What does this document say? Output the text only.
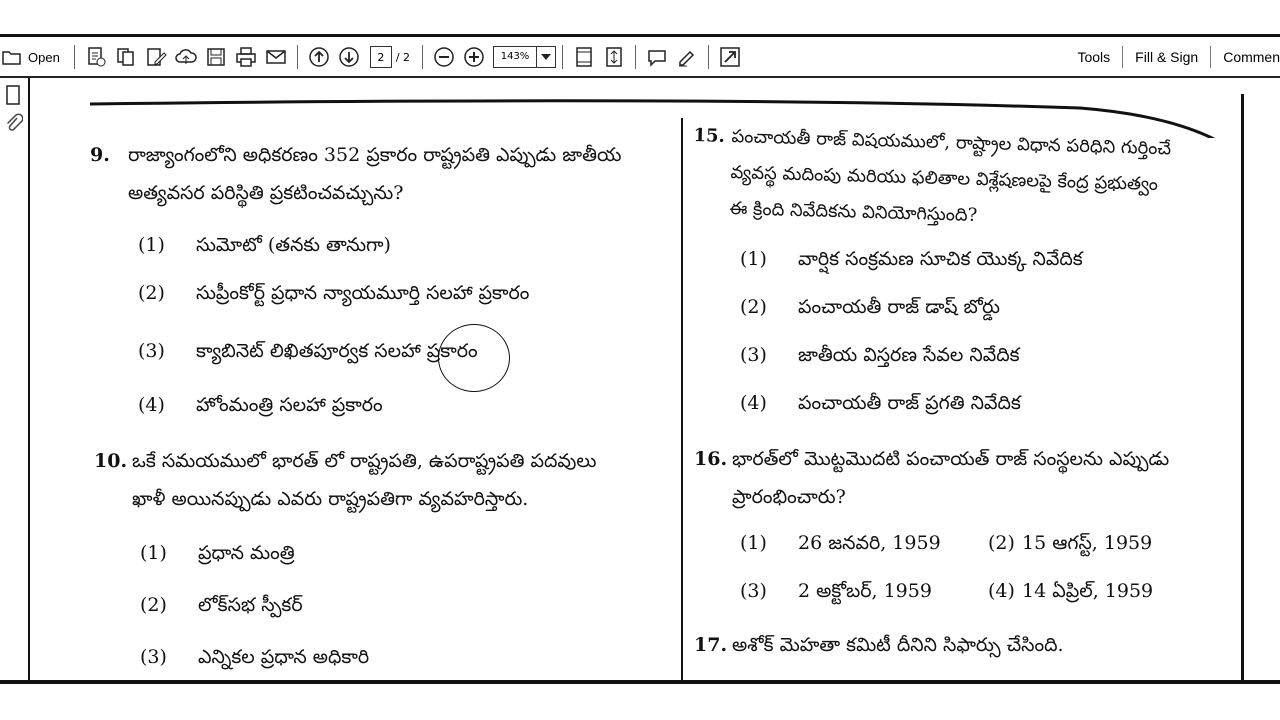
Open	2	/ 2	143%	Tools	Fill & Sign	Commen
9. రాజ్యాంగంలోని అధికరణం 352 ప్రకారం రాష్ట్రపతి ఎప్పుడు జాతీయ
అత్యవసర పరిస్థితి ప్రకటించవచ్చును?
(1) సుమోటో (తనకు తానుగా)
(2) సుప్రీంకోర్ట్ ప్రధాన న్యాయమూర్తి సలహా ప్రకారం
(3) క్యాబినెట్ లిఖితపూర్వక సలహా ప్రకారం
(4) హోంమంత్రి సలహా ప్రకారం
10. ఒకే సమయములో భారత్ లో రాష్ట్రపతి, ఉపరాష్ట్రపతి పదవులు
ఖాళీ అయినప్పుడు ఎవరు రాష్ట్రపతిగా వ్యవహరిస్తారు.
(1) ప్రధాన మంత్రి
(2) లోక్‌సభ స్పీకర్
(3) ఎన్నికల ప్రధాన అధికారి
15. పంచాయతీ రాజ్ విషయములో, రాష్ట్రాల విధాన పరిధిని గుర్తించే
వ్యవస్థ మదింపు మరియు ఫలితాల విశ్లేషణలపై కేంద్ర ప్రభుత్వం
ఈ క్రింది నివేదికను వినియోగిస్తుంది?
(1) వార్షిక సంక్రమణ సూచిక యొక్క నివేదిక
(2) పంచాయతీ రాజ్ డాష్ బోర్డు
(3) జాతీయ విస్తరణ సేవల నివేదిక
(4) పంచాయతీ రాజ్ ప్రగతి నివేదిక
16. భారత్‌లో మొట్టమొదటి పంచాయత్ రాజ్ సంస్థలను ఎప్పుడు
ప్రారంభించారు?
(1) 26 జనవరి, 1959 (2) 15 ఆగస్ట్, 1959
(3) 2 అక్టోబర్, 1959	(4) 14 ఏప్రిల్, 1959
17. అశోక్ మెహతా కమిటీ దీనిని సిఫార్సు చేసింది.
